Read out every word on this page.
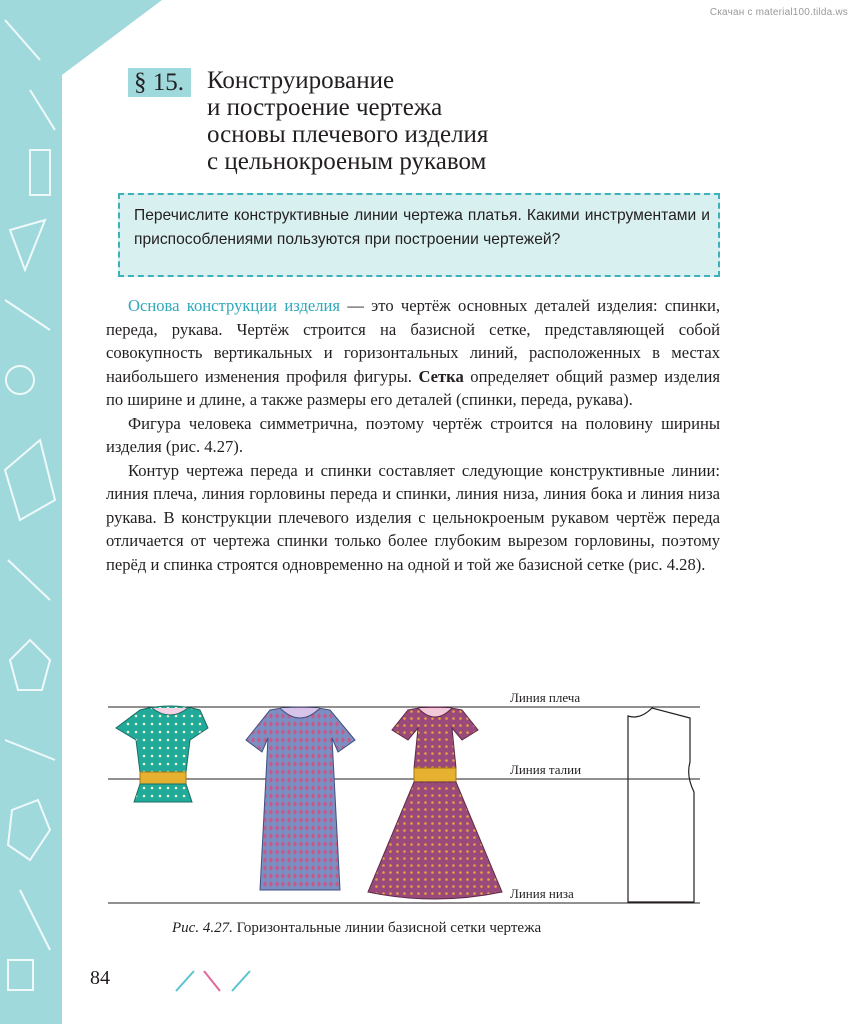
Скачан с material100.tilda.ws
§ 15. Конструирование
и построение чертежа
основы плечевого изделия
с цельнокроеным рукавом
Перечислите конструктивные линии чертежа платья. Какими инструментами и приспособлениями пользуются при построении чертежей?

Основа конструкции изделия — это чертёж основных деталей изделия: спинки, переда, рукава. Чертёж строится на базисной сетке, представляющей собой совокупность вертикальных и горизонтальных линий, расположенных в местах наибольшего изменения профиля фигуры. Сетка определяет общий размер изделия по ширине и длине, а также размеры его деталей (спинки, переда, рукава).

Фигура человека симметрична, поэтому чертёж строится на половину ширины изделия (рис. 4.27).

Контур чертежа переда и спинки составляет следующие конструктивные линии: линия плеча, линия горловины переда и спинки, линия низа, линия бока и линия низа рукава. В конструкции плечевого изделия с цельнокроеным рукавом чертёж переда отличается от чертежа спинки только более глубоким вырезом горловины, поэтому перёд и спинка строятся одновременно на одной и той же базисной сетке (рис. 4.28).

Линия плеча
Линия талии
Линия низа
Рис. 4.27. Горизонтальные линии базисной сетки чертежа
84
